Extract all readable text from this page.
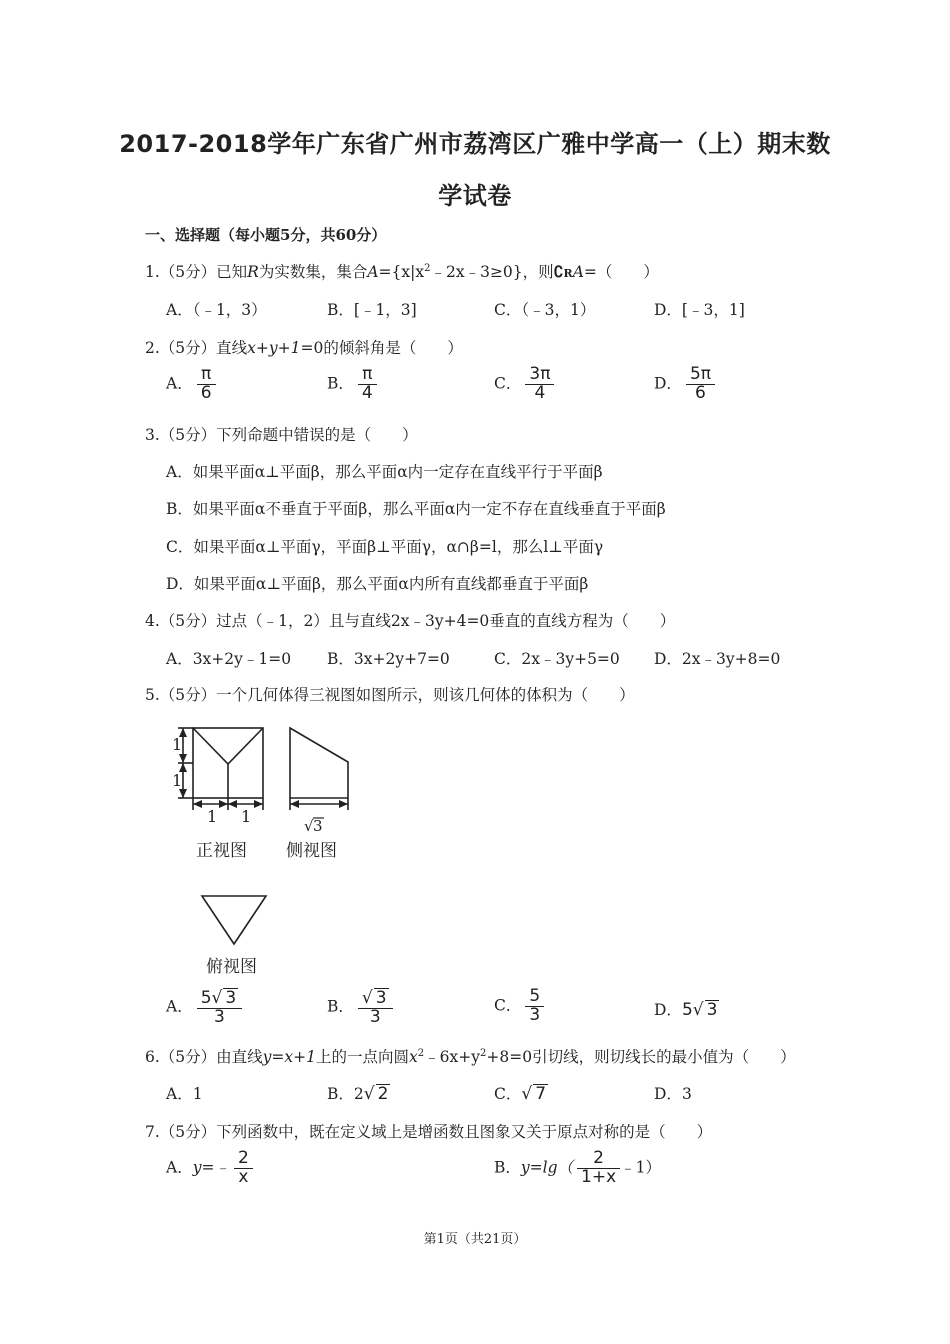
2017-2018学年广东省广州市荔湾区广雅中学高一（上）期末数
学试卷
一、选择题（每小题5分，共60分）
1.（5分）已知R为实数集，集合$A=\{x|x^2﹣2x﹣3\ge 0\}$，则∁RA=（　　）
A．（﹣1，3）	B．[﹣1，3]	C．（﹣3，1）	D．[﹣3，1]
2.（5分）直线x+y+1=0的倾斜角是（　　）
A． $\frac{\pi}{6}$	B． $\frac{\pi}{4}$	C． $\frac{3\pi}{4}$	D． $\frac{5\pi}{6}$
3.（5分）下列命题中错误的是（　　）
A．如果平面α⊥平面β，那么平面α内一定存在直线平行于平面β
B．如果平面α不垂直于平面β，那么平面α内一定不存在直线垂直于平面β
C．如果平面α⊥平面γ，平面β⊥平面γ，α∩β=l，那么l⊥平面γ
D．如果平面α⊥平面β，那么平面α内所有直线都垂直于平面β
4.（5分）过点（﹣1，2）且与直线2x﹣3y+4=0垂直的直线方程为（　　）
A．3x+2y﹣1=0 B．3x+2y+7=0	C．2x﹣3y+5=0 D．2x﹣3y+8=0
5.（5分）一个几何体得三视图如图所示，则该几何体的体积为（　　）
1
1
1 1	√ 3
正视图 侧视图
俯视图
A． $\frac{5√ 3}{3}$	B． $\frac{√ 3}{3}$	C． $\frac{5}{3}$	D．5√ 3
6.（5分）由直线y=x+1上的一点向圆$x^2﹣6x+y^2+8=0$引切线，则切线长的最小值为（　　）
A．1	B．2√ 2	C．√ 7	D．3
7.（5分）下列函数中，既在定义域上是增函数且图象又关于原点对称的是（　　）
A．y=﹣ $\frac{2}{x}$	B．$y=\lg( \frac{2}{1+x}$ ﹣1）
第1页（共21页）
